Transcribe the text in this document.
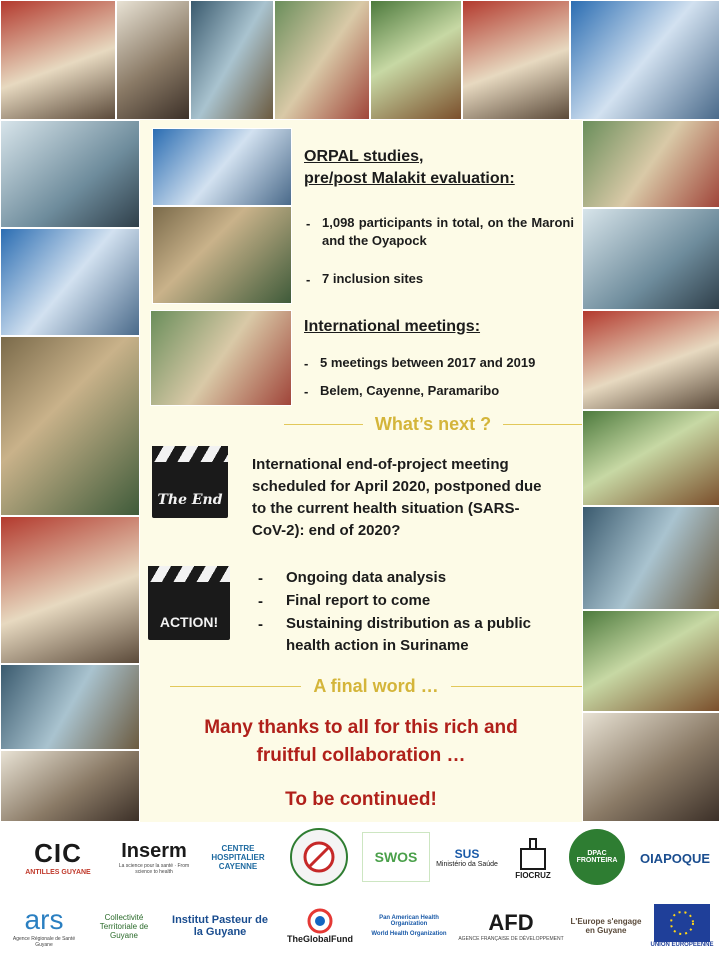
ORPAL studies,
pre/post Malakit evaluation:
- 1,098 participants in total, on the Maroni and the Oyapock
- 7 inclusion sites
International meetings:
- 5 meetings between 2017 and 2019
- Belem, Cayenne, Paramaribo
What’s next ?
The End
International end-of-project meeting scheduled for April 2020, postponed due to the current health situation (SARS-CoV-2): end of 2020?
ACTION!
- Ongoing data analysis
- Final report to come
- Sustaining distribution as a public health action in Suriname
A final word …
Many thanks to all for this rich and fruitful collaboration …
To be continued!
CIC
ANTILLES GUYANE
Inserm
La science pour la santé · From science to health
CENTRE HOSPITALIER CAYENNE
SWOS	SUS
Ministério da Saúde
FIOCRUZ
DPAC FRONTEIRA OIAPOQUE
ars
Agence Régionale de Santé Guyane
Collectivité Territoriale de Guyane
Institut Pasteur de la Guyane
TheGlobalFund
Pan American Health Organization
World Health Organization AFD
AGENCE FRANÇAISE DE DÉVELOPPEMENT
L'Europe s'engage en Guyane
UNION EUROPÉENNE
